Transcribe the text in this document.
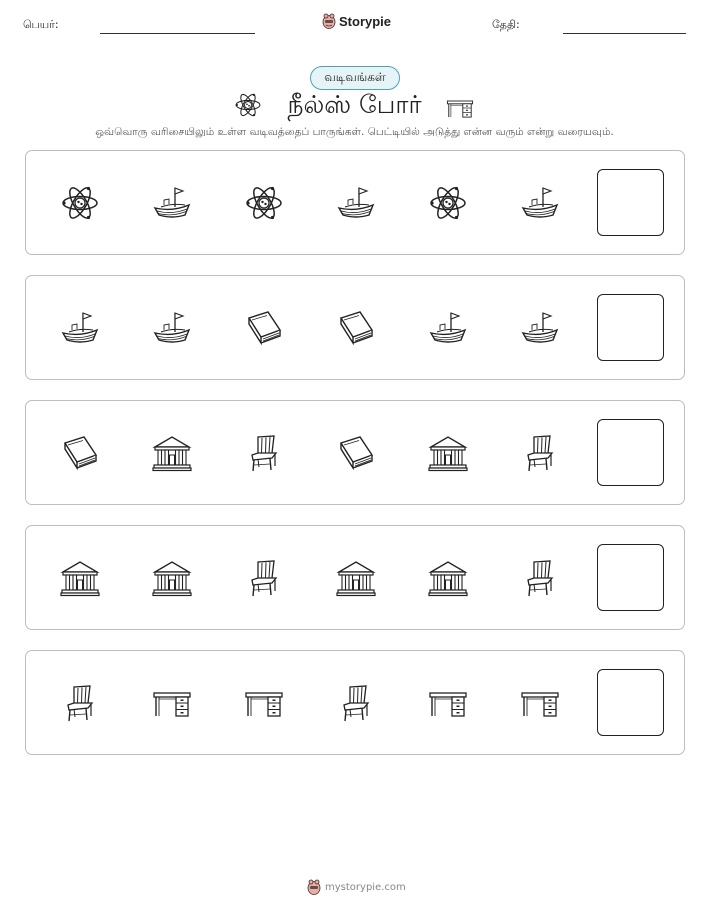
பெயர்:	Storypie	தேதி:
வடிவங்கள்
நீல்ஸ் போர்
ஒவ்வொரு வரிசையிலும் உள்ள வடிவத்தைப் பாருங்கள். பெட்டியில் அடுத்து என்ன வரும் என்று வரையவும்.
mystorypie.com
